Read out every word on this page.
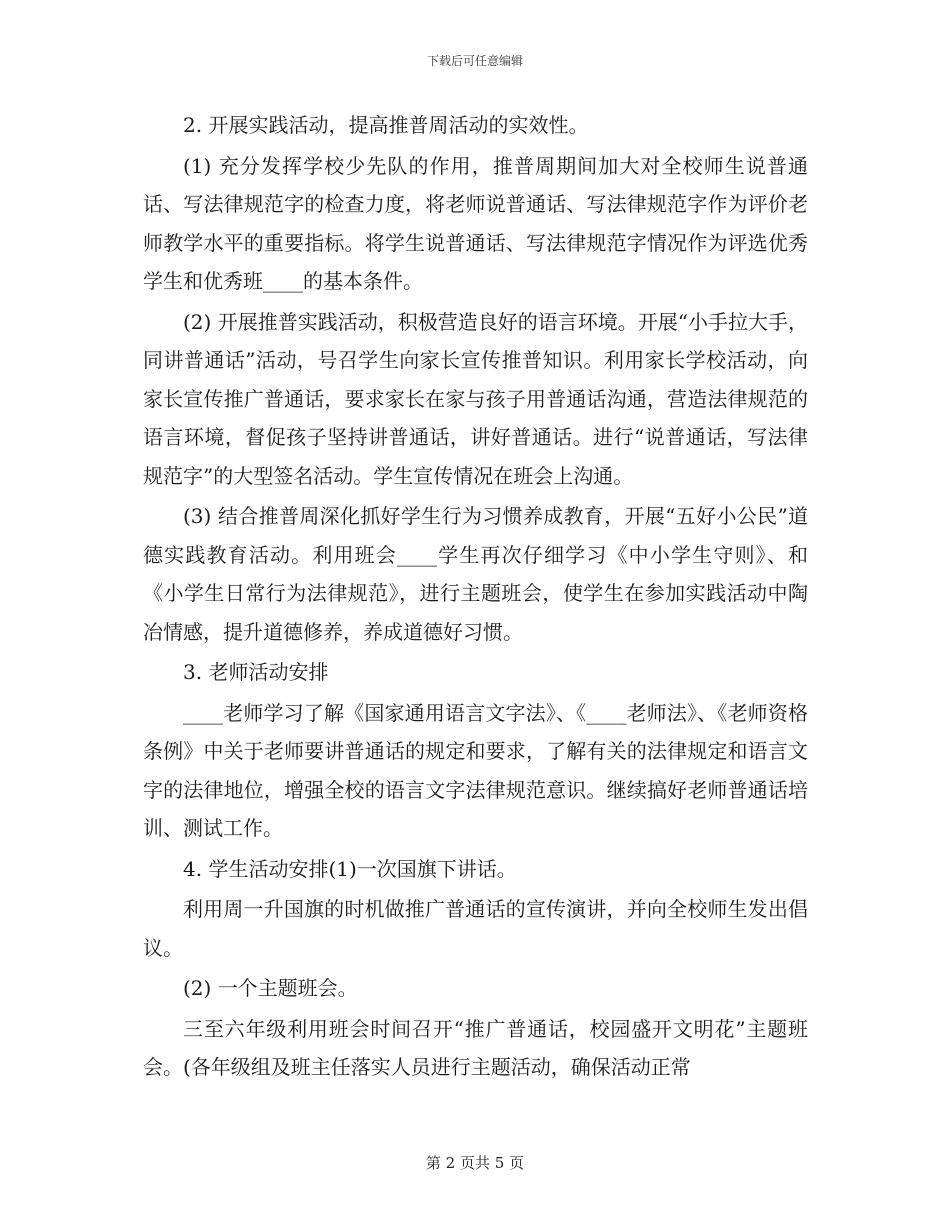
下载后可任意编辑

2. 开展实践活动，提高推普周活动的实效性。

(1) 充分发挥学校少先队的作用，推普周期间加大对全校师生说普通话、写法律规范字的检查力度，将老师说普通话、写法律规范字作为评价老师教学水平的重要指标。将学生说普通话、写法律规范字情况作为评选优秀学生和优秀班____的基本条件。

(2) 开展推普实践活动，积极营造良好的语言环境。开展“小手拉大手，同讲普通话”活动，号召学生向家长宣传推普知识。利用家长学校活动，向家长宣传推广普通话，要求家长在家与孩子用普通话沟通，营造法律规范的语言环境，督促孩子坚持讲普通话，讲好普通话。进行“说普通话，写法律规范字”的大型签名活动。学生宣传情况在班会上沟通。

(3) 结合推普周深化抓好学生行为习惯养成教育，开展“五好小公民”道德实践教育活动。利用班会____学生再次仔细学习《中小学生守则》、和《小学生日常行为法律规范》，进行主题班会，使学生在参加实践活动中陶冶情感，提升道德修养，养成道德好习惯。

3. 老师活动安排

____老师学习了解《国家通用语言文字法》、《____老师法》、《老师资格条例》中关于老师要讲普通话的规定和要求，了解有关的法律规定和语言文字的法律地位，增强全校的语言文字法律规范意识。继续搞好老师普通话培训、测试工作。

4. 学生活动安排(1)一次国旗下讲话。

利用周一升国旗的时机做推广普通话的宣传演讲，并向全校师生发出倡议。

(2) 一个主题班会。

三至六年级利用班会时间召开“推广普通话，校园盛开文明花”主题班会。(各年级组及班主任落实人员进行主题活动，确保活动正常

第 2 页共 5 页
